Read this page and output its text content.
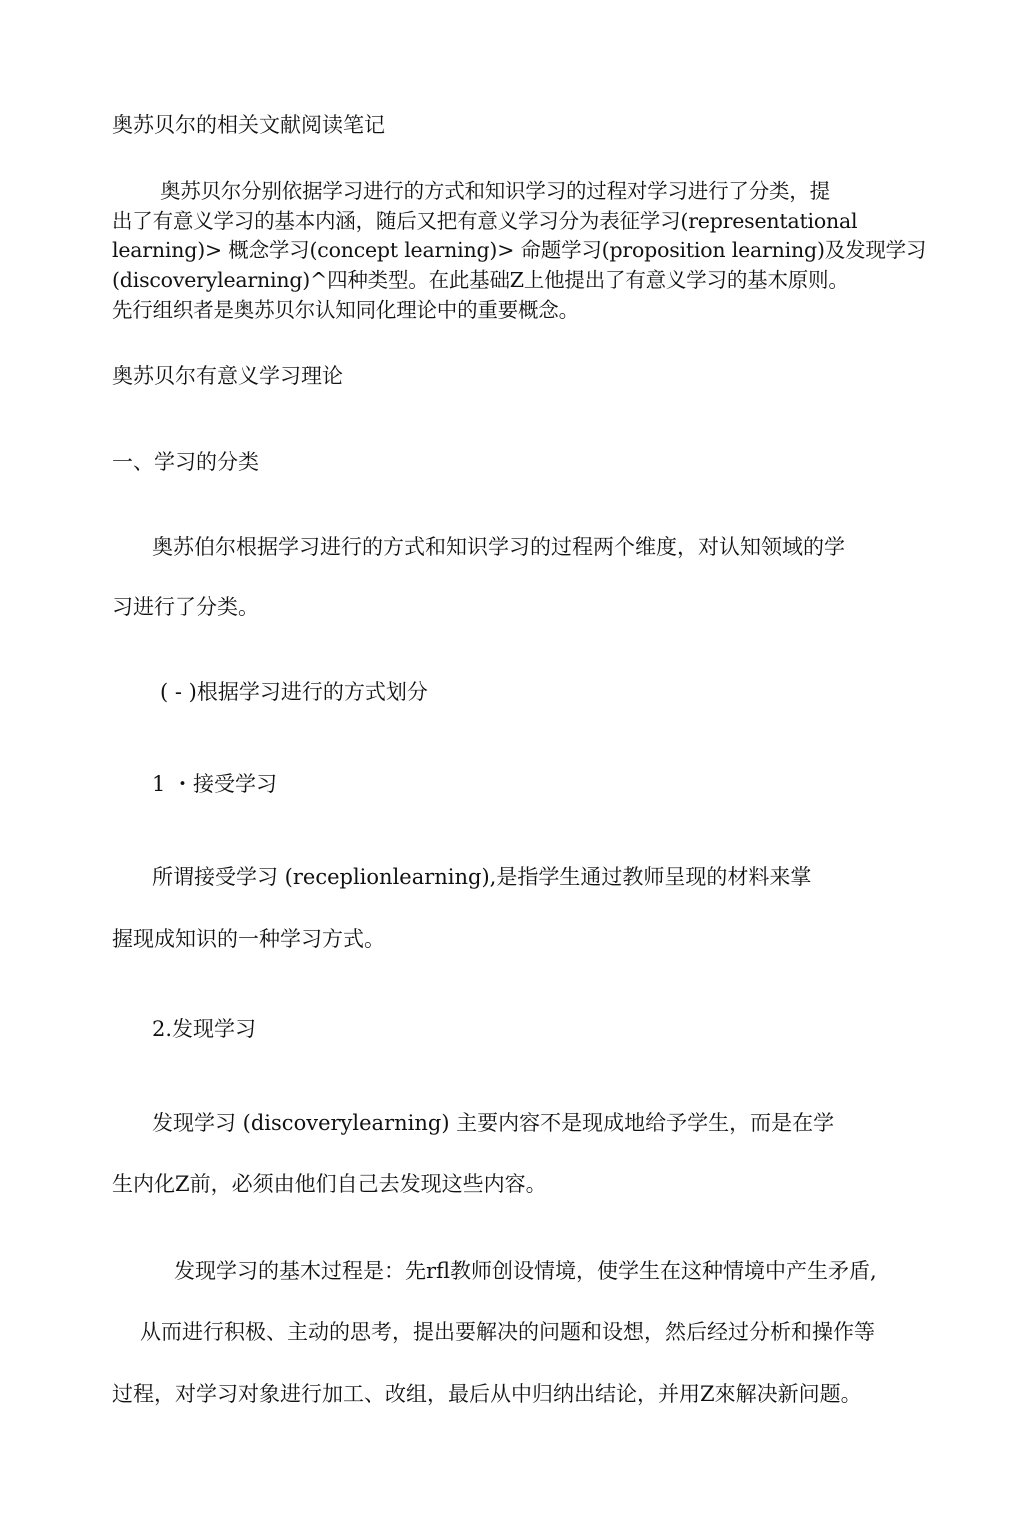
奥苏贝尔的相关文献阅读笔记

奥苏贝尔分别依据学习进行的方式和知识学习的过程对学习进行了分类，提

出了有意义学习的基本内涵，随后又把有意义学习分为表征学习(representational

learning)> 概念学习(concept learning)> 命题学习(proposition learning)及发现学习

(discoverylearning)^四种类型。在此基础Z上他提出了有意义学习的基木原则。

先行组织者是奥苏贝尔认知同化理论中的重要概念。

奥苏贝尔有意义学习理论

一、学习的分类

奥苏伯尔根据学习进行的方式和知识学习的过程两个维度，对认知领域的学

习进行了分类。

( - )根据学习进行的方式划分

1 ・接受学习

所谓接受学习 (receplionlearning),是指学生通过教师呈现的材料来掌

握现成知识的一种学习方式。

2.发现学习

发现学习 (discoverylearning) 主要内容不是现成地给予学生，而是在学

生内化Z前，必须由他们自己去发现这些内容。

发现学习的基木过程是：先rfl教师创设情境，使学生在这种情境中产生矛盾,

从而进行积极、主动的思考，提出要解决的问题和设想，然后经过分析和操作等

过程，对学习对象进行加工、改组，最后从中归纳出结论，并用Z來解决新问题。
